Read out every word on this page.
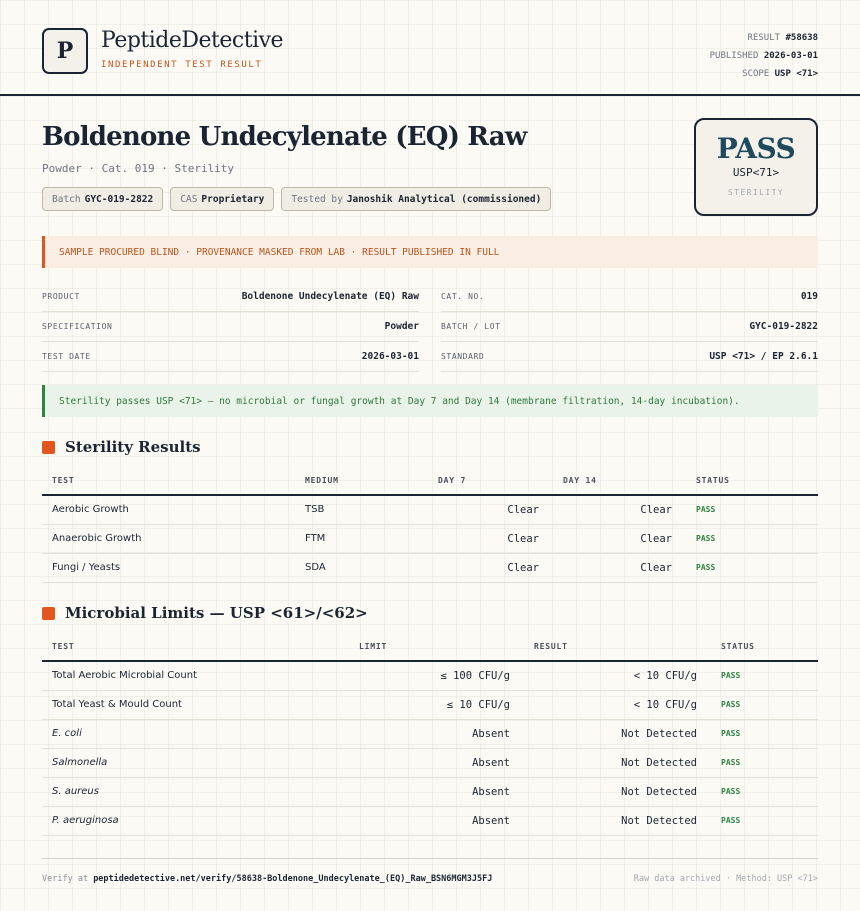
P	PeptideDetective
INDEPENDENT TEST RESULT
RESULT #58638
PUBLISHED 2026-03-01
SCOPE USP <71>
Boldenone Undecylenate (EQ) Raw
Powder · Cat. 019 · Sterility
Batch GYC-019-2822	CAS Proprietary	Tested by Janoshik Analytical (commissioned)
PASS
USP<71>
STERILITY
SAMPLE PROCURED BLIND · PROVENANCE MASKED FROM LAB · RESULT PUBLISHED IN FULL
PRODUCT	Boldenone Undecylenate (EQ) Raw
SPECIFICATION	Powder
TEST DATE	2026-03-01
CAT. NO.	019
BATCH / LOT	GYC-019-2822
STANDARD	USP <71> / EP 2.6.1
Sterility passes USP <71> — no microbial or fungal growth at Day 7 and Day 14 (membrane filtration, 14-day incubation).
Sterility Results
TEST	MEDIUM	DAY 7	DAY 14	STATUS
Aerobic Growth	TSB	Clear	Clear	PASS
Anaerobic Growth	FTM	Clear	Clear	PASS
Fungi / Yeasts	SDA	Clear	Clear	PASS
Microbial Limits — USP <61>/<62>
TEST	LIMIT	RESULT	STATUS
Total Aerobic Microbial Count	≤ 100 CFU/g	< 10 CFU/g	PASS
Total Yeast & Mould Count	≤ 10 CFU/g	< 10 CFU/g	PASS
E. coli	Absent	Not Detected	PASS
Salmonella	Absent	Not Detected	PASS
S. aureus	Absent	Not Detected	PASS
P. aeruginosa	Absent	Not Detected	PASS
Verify at peptidedetective.net/verify/58638-Boldenone_Undecylenate_(EQ)_Raw_BSN6MGM3J5FJ	Raw data archived · Method: USP <71>
